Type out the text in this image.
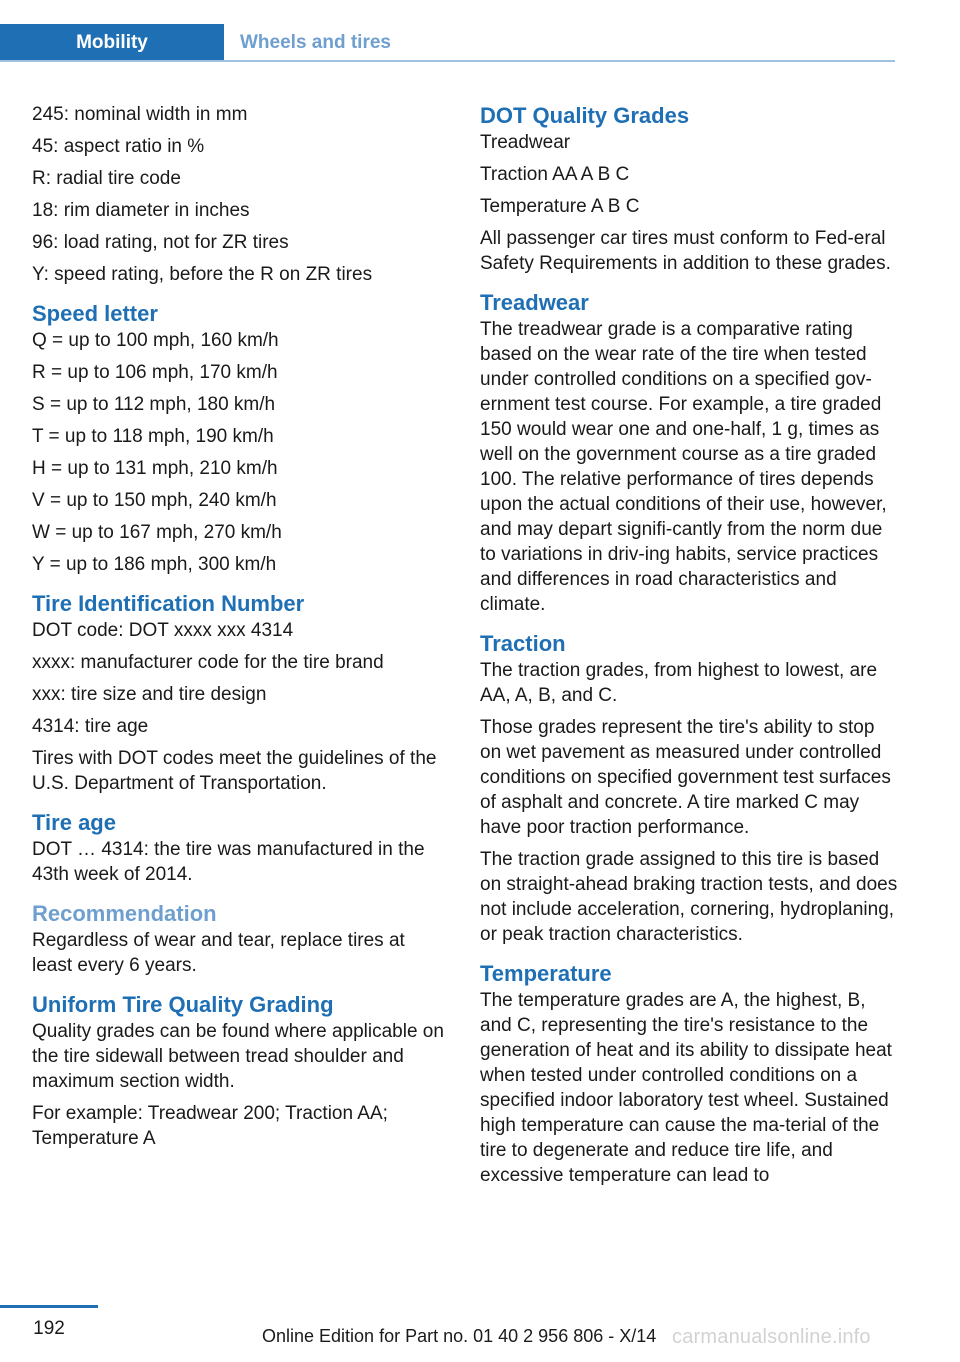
Mobility	Wheels and tires

245: nominal width in mm

45: aspect ratio in %

R: radial tire code

18: rim diameter in inches

96: load rating, not for ZR tires

Y: speed rating, before the R on ZR tires

Speed letter

Q = up to 100 mph, 160 km/h

R = up to 106 mph, 170 km/h

S = up to 112 mph, 180 km/h

T = up to 118 mph, 190 km/h

H = up to 131 mph, 210 km/h

V = up to 150 mph, 240 km/h

W = up to 167 mph, 270 km/h

Y = up to 186 mph, 300 km/h

Tire Identification Number

DOT code: DOT xxxx xxx 4314

xxxx: manufacturer code for the tire brand

xxx: tire size and tire design

4314: tire age

Tires with DOT codes meet the guidelines of the U.S. Department of Transportation.

Tire age

DOT … 4314: the tire was manufactured in the 43th week of 2014.

Recommendation

Regardless of wear and tear, replace tires at least every 6 years.

Uniform Tire Quality Grading

Quality grades can be found where applicable on the tire sidewall between tread shoulder and maximum section width.

For example: Treadwear 200; Traction AA; Temperature A

DOT Quality Grades

Treadwear

Traction AA A B C

Temperature A B C

All passenger car tires must conform to Fed‐eral Safety Requirements in addition to these grades.

Treadwear

The treadwear grade is a comparative rating based on the wear rate of the tire when tested under controlled conditions on a specified gov‐ernment test course. For example, a tire graded 150 would wear one and one-half, 1 g, times as well on the government course as a tire graded 100. The relative performance of tires depends upon the actual conditions of their use, however, and may depart signifi‐cantly from the norm due to variations in driv‐ing habits, service practices and differences in road characteristics and climate.

Traction

The traction grades, from highest to lowest, are AA, A, B, and C.

Those grades represent the tire's ability to stop on wet pavement as measured under controlled conditions on specified government test surfaces of asphalt and concrete. A tire marked C may have poor traction performance.

The traction grade assigned to this tire is based on straight-ahead braking traction tests, and does not include acceleration, cornering, hydroplaning, or peak traction characteristics.

Temperature

The temperature grades are A, the highest, B, and C, representing the tire's resistance to the generation of heat and its ability to dissipate heat when tested under controlled conditions on a specified indoor laboratory test wheel. Sustained high temperature can cause the ma‐terial of the tire to degenerate and reduce tire life, and excessive temperature can lead to

192	Online Edition for Part no. 01 40 2 956 806 - X/14 carmanualsonline.info
